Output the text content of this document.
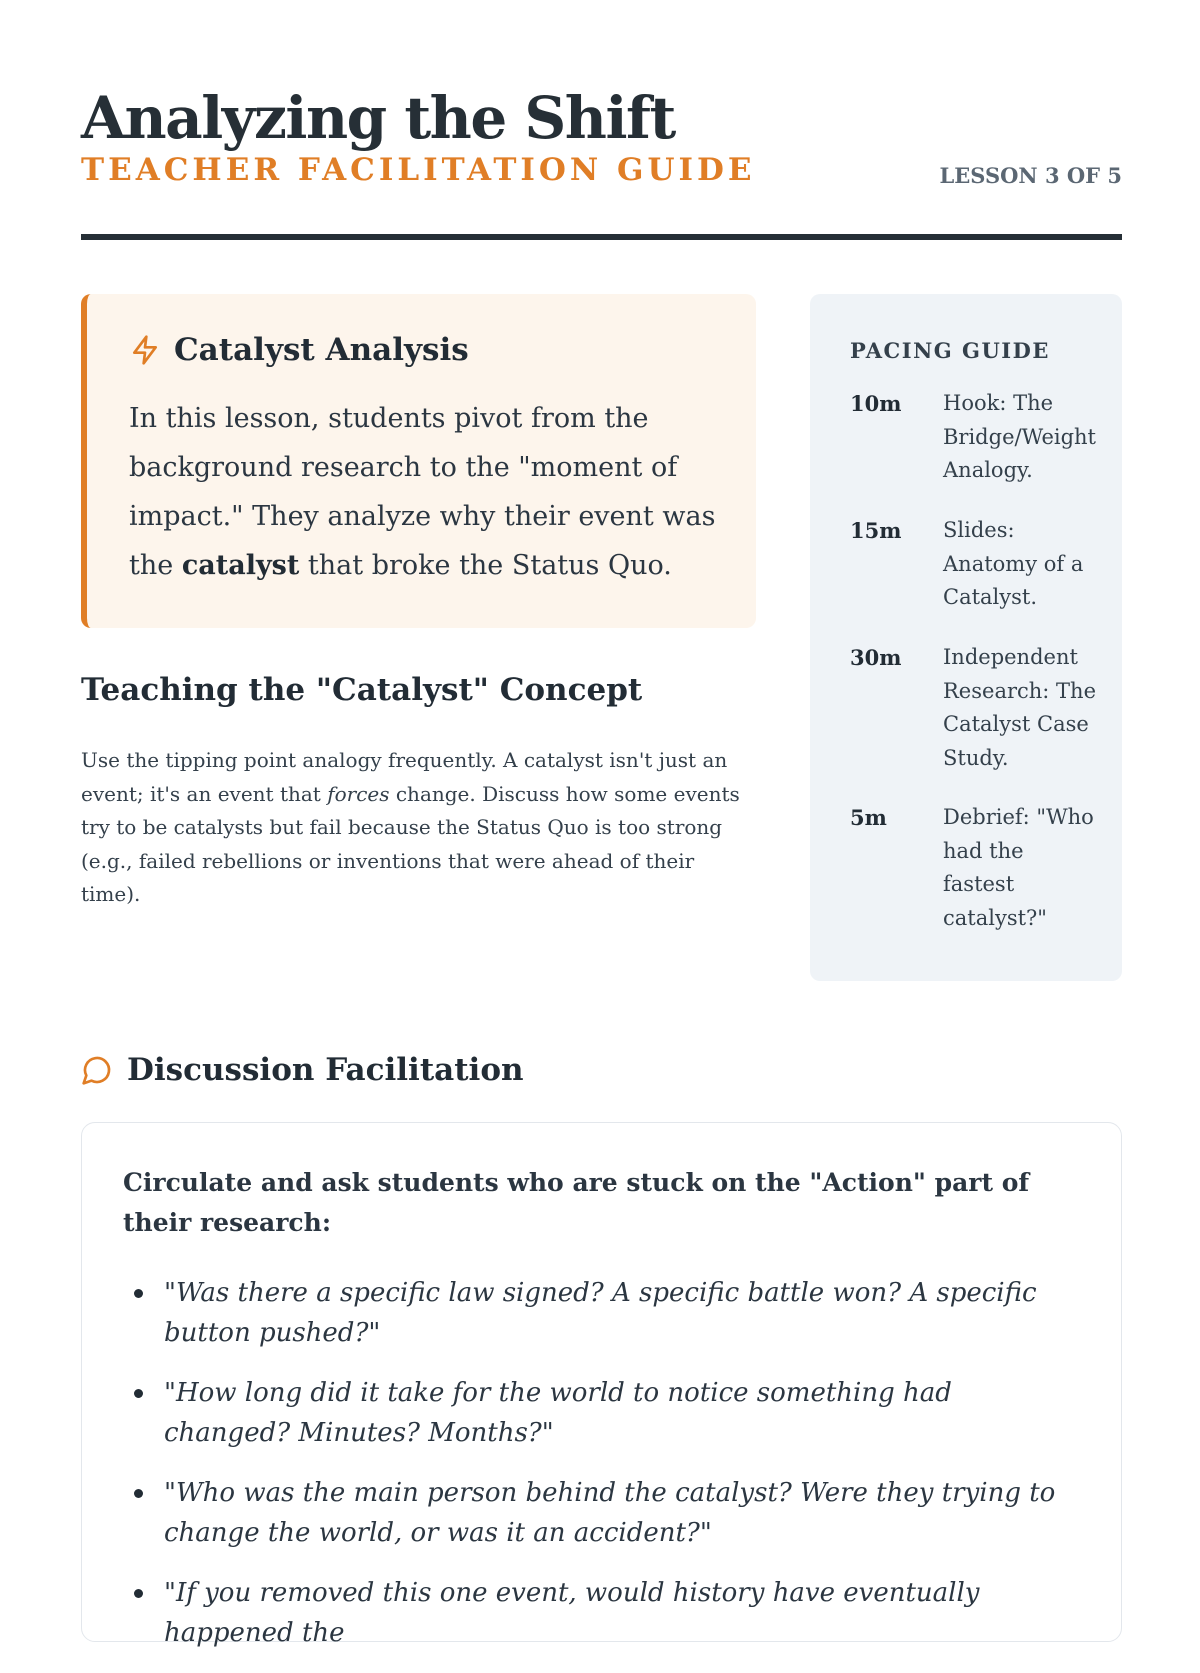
Analyzing the Shift
TEACHER FACILITATION GUIDE	LESSON 3 OF 5
Catalyst Analysis

In this lesson, students pivot from the background research to the "moment of impact." They analyze why their event was the catalyst that broke the Status Quo.

Teaching the "Catalyst" Concept

Use the tipping point analogy frequently. A catalyst isn't just an event; it's an event that forces change. Discuss how some events try to be catalysts but fail because the Status Quo is too strong (e.g., failed rebellions or inventions that were ahead of their time).

PACING GUIDE
10m Hook: The Bridge/Weight Analogy.
15m Slides: Anatomy of a Catalyst.
30m Independent Research: The Catalyst Case Study.
5m	Debrief: "Who had the fastest catalyst?"
Discussion Facilitation

Circulate and ask students who are stuck on the "Action" part of their research:

"Was there a specific law signed? A specific battle won? A specific button pushed?"
"How long did it take for the world to notice something had changed? Minutes? Months?"
"Who was the main person behind the catalyst? Were they trying to change the world, or was it an accident?"
"If you removed this one event, would history have eventually happened the
